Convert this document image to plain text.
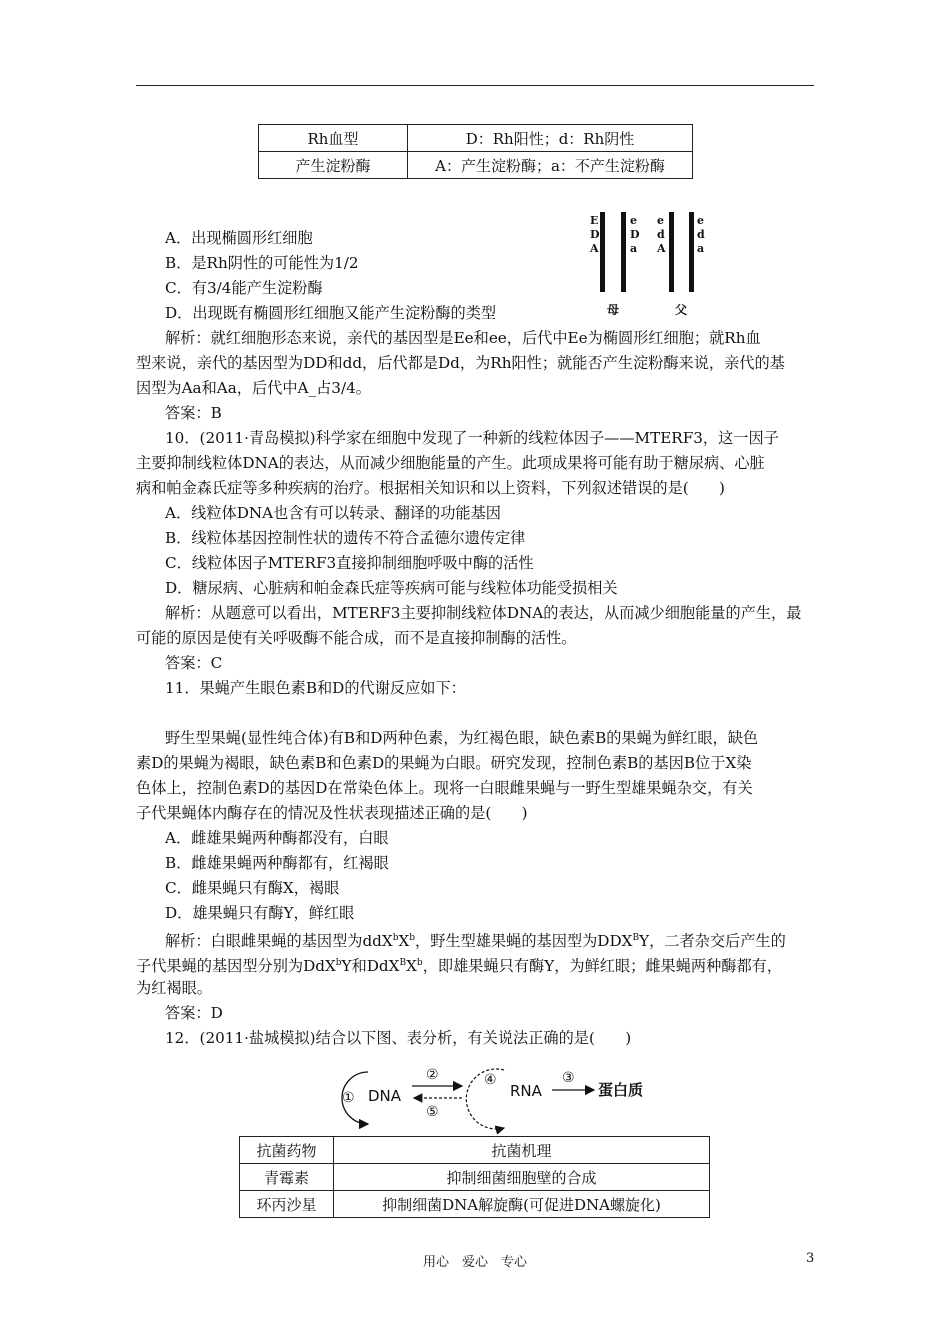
Rh血型	D：Rh阳性；d：Rh阴性
产生淀粉酶	A：产生淀粉酶；a：不产生淀粉酶
A．出现椭圆形红细胞
B．是Rh阴性的可能性为1/2
C．有3/4能产生淀粉酶
D．出现既有椭圆形红细胞又能产生淀粉酶的类型
E
D
A
e
D
a
e
d
A
e
d
a
母	父
解析：就红细胞形态来说，亲代的基因型是Ee和ee，后代中Ee为椭圆形红细胞；就Rh血
型来说，亲代的基因型为DD和dd，后代都是Dd，为Rh阳性；就能否产生淀粉酶来说，亲代的基
因型为Aa和Aa，后代中A_占3/4。
答案：B
10．(2011·青岛模拟)科学家在细胞中发现了一种新的线粒体因子——MTERF3，这一因子
主要抑制线粒体DNA的表达，从而减少细胞能量的产生。此项成果将可能有助于糖尿病、心脏
病和帕金森氏症等多种疾病的治疗。根据相关知识和以上资料，下列叙述错误的是(　　)
A．线粒体DNA也含有可以转录、翻译的功能基因
B．线粒体基因控制性状的遗传不符合孟德尔遗传定律
C．线粒体因子MTERF3直接抑制细胞呼吸中酶的活性
D．糖尿病、心脏病和帕金森氏症等疾病可能与线粒体功能受损相关
解析：从题意可以看出，MTERF3主要抑制线粒体DNA的表达，从而减少细胞能量的产生，最
可能的原因是使有关呼吸酶不能合成，而不是直接抑制酶的活性。
答案：C
11．果蝇产生眼色素B和D的代谢反应如下：
野生型果蝇(显性纯合体)有B和D两种色素，为红褐色眼，缺色素B的果蝇为鲜红眼，缺色
素D的果蝇为褐眼，缺色素B和色素D的果蝇为白眼。研究发现，控制色素B的基因B位于X染
色体上，控制色素D的基因D在常染色体上。现将一白眼雌果蝇与一野生型雄果蝇杂交，有关
子代果蝇体内酶存在的情况及性状表现描述正确的是(　　)
A．雌雄果蝇两种酶都没有，白眼
B．雌雄果蝇两种酶都有，红褐眼
C．雌果蝇只有酶X，褐眼
D．雄果蝇只有酶Y，鲜红眼
解析：白眼雌果蝇的基因型为$ddX^bX^b$，野生型雄果蝇的基因型为$DDX^BY$，二者杂交后产生的
子代果蝇的基因型分别为DdX$^b$Y和$DdX^BX^b$，即雄果蝇只有酶Y，为鲜红眼；雌果蝇两种酶都有，
为红褐眼。
答案：D
12．(2011·盐城模拟)结合以下图、表分析，有关说法正确的是(　　)
① DNA
②
⑤
④
RNA
③
蛋白质
抗菌药物	抗菌机理
青霉素	抑制细菌细胞壁的合成
环丙沙星	抑制细菌DNA解旋酶(可促进DNA螺旋化)
用心　爱心　专心	3
